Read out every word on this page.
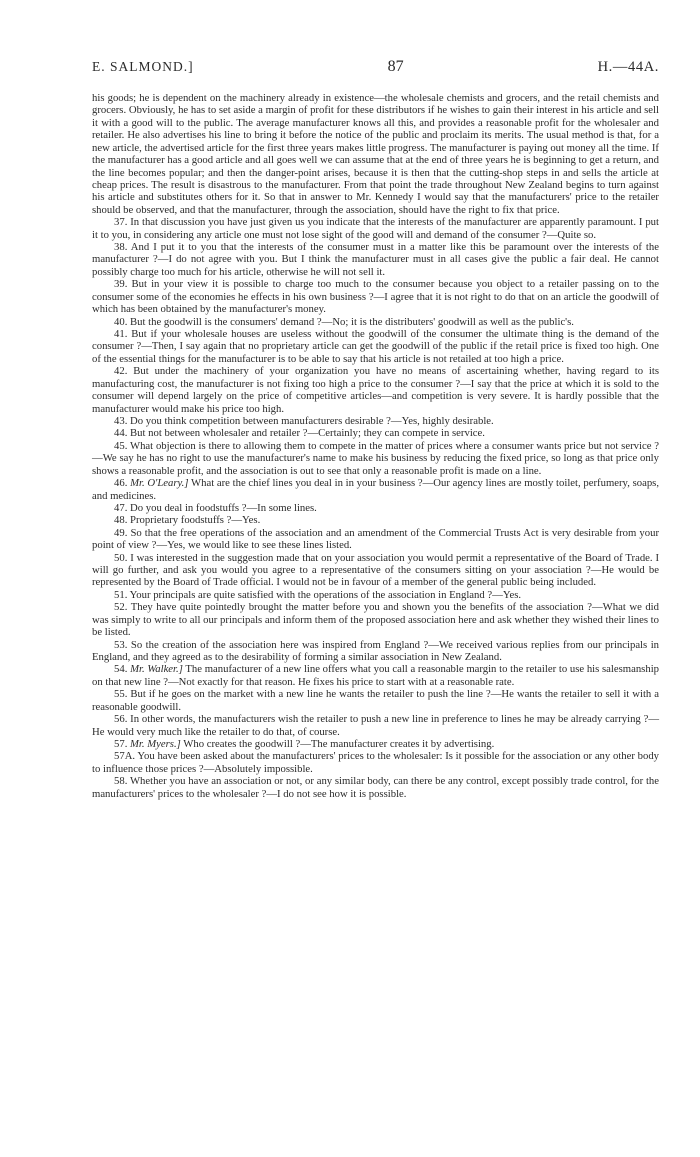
E. SALMOND.]	87	H.—44A.

his goods; he is dependent on the machinery already in existence—the wholesale chemists and grocers, and the retail chemists and grocers. Obviously, he has to set aside a margin of profit for these distributors if he wishes to gain their interest in his article and sell it with a good will to the public. The average manufacturer knows all this, and provides a reasonable profit for the wholesaler and retailer. He also advertises his line to bring it before the notice of the public and proclaim its merits. The usual method is that, for a new article, the advertised article for the first three years makes little progress. The manufacturer is paying out money all the time. If the manufacturer has a good article and all goes well we can assume that at the end of three years he is beginning to get a return, and the line becomes popular; and then the danger-point arises, because it is then that the cutting-shop steps in and sells the article at cheap prices. The result is disastrous to the manufacturer. From that point the trade throughout New Zealand begins to turn against his article and substitutes others for it. So that in answer to Mr. Kennedy I would say that the manufacturers' price to the retailer should be observed, and that the manufacturer, through the association, should have the right to fix that price.

37. In that discussion you have just given us you indicate that the interests of the manufacturer are apparently paramount. I put it to you, in considering any article one must not lose sight of the good will and demand of the consumer ?—Quite so.

38. And I put it to you that the interests of the consumer must in a matter like this be paramount over the interests of the manufacturer ?—I do not agree with you. But I think the manufacturer must in all cases give the public a fair deal. He cannot possibly charge too much for his article, otherwise he will not sell it.

39. But in your view it is possible to charge too much to the consumer because you object to a retailer passing on to the consumer some of the economies he effects in his own business ?—I agree that it is not right to do that on an article the goodwill of which has been obtained by the manufacturer's money.

40. But the goodwill is the consumers' demand ?—No; it is the distributers' goodwill as well as the public's.

41. But if your wholesale houses are useless without the goodwill of the consumer the ultimate thing is the demand of the consumer ?—Then, I say again that no proprietary article can get the goodwill of the public if the retail price is fixed too high. One of the essential things for the manufacturer is to be able to say that his article is not retailed at too high a price.

42. But under the machinery of your organization you have no means of ascertaining whether, having regard to its manufacturing cost, the manufacturer is not fixing too high a price to the consumer ?—I say that the price at which it is sold to the consumer will depend largely on the price of competitive articles—and competition is very severe. It is hardly possible that the manufacturer would make his price too high.

43. Do you think competition between manufacturers desirable ?—Yes, highly desirable.

44. But not between wholesaler and retailer ?—Certainly; they can compete in service.

45. What objection is there to allowing them to compete in the matter of prices where a consumer wants price but not service ?—We say he has no right to use the manufacturer's name to make his business by reducing the fixed price, so long as that price only shows a reasonable profit, and the association is out to see that only a reasonable profit is made on a line.

46. Mr. O'Leary.] What are the chief lines you deal in in your business ?—Our agency lines are mostly toilet, perfumery, soaps, and medicines.

47. Do you deal in foodstuffs ?—In some lines.

48. Proprietary foodstuffs ?—Yes.

49. So that the free operations of the association and an amendment of the Commercial Trusts Act is very desirable from your point of view ?—Yes, we would like to see these lines listed.

50. I was interested in the suggestion made that on your association you would permit a representative of the Board of Trade. I will go further, and ask you would you agree to a representative of the consumers sitting on your association ?—He would be represented by the Board of Trade official. I would not be in favour of a member of the general public being included.

51. Your principals are quite satisfied with the operations of the association in England ?—Yes.

52. They have quite pointedly brought the matter before you and shown you the benefits of the association ?—What we did was simply to write to all our principals and inform them of the proposed association here and ask whether they wished their lines to be listed.

53. So the creation of the association here was inspired from England ?—We received various replies from our principals in England, and they agreed as to the desirability of forming a similar association in New Zealand.

54. Mr. Walker.] The manufacturer of a new line offers what you call a reasonable margin to the retailer to use his salesmanship on that new line ?—Not exactly for that reason. He fixes his price to start with at a reasonable rate.

55. But if he goes on the market with a new line he wants the retailer to push the line ?—He wants the retailer to sell it with a reasonable goodwill.

56. In other words, the manufacturers wish the retailer to push a new line in preference to lines he may be already carrying ?—He would very much like the retailer to do that, of course.

57. Mr. Myers.] Who creates the goodwill ?—The manufacturer creates it by advertising.

57A. You have been asked about the manufacturers' prices to the wholesaler: Is it possible for the association or any other body to influence those prices ?—Absolutely impossible.

58. Whether you have an association or not, or any similar body, can there be any control, except possibly trade control, for the manufacturers' prices to the wholesaler ?—I do not see how it is possible.
